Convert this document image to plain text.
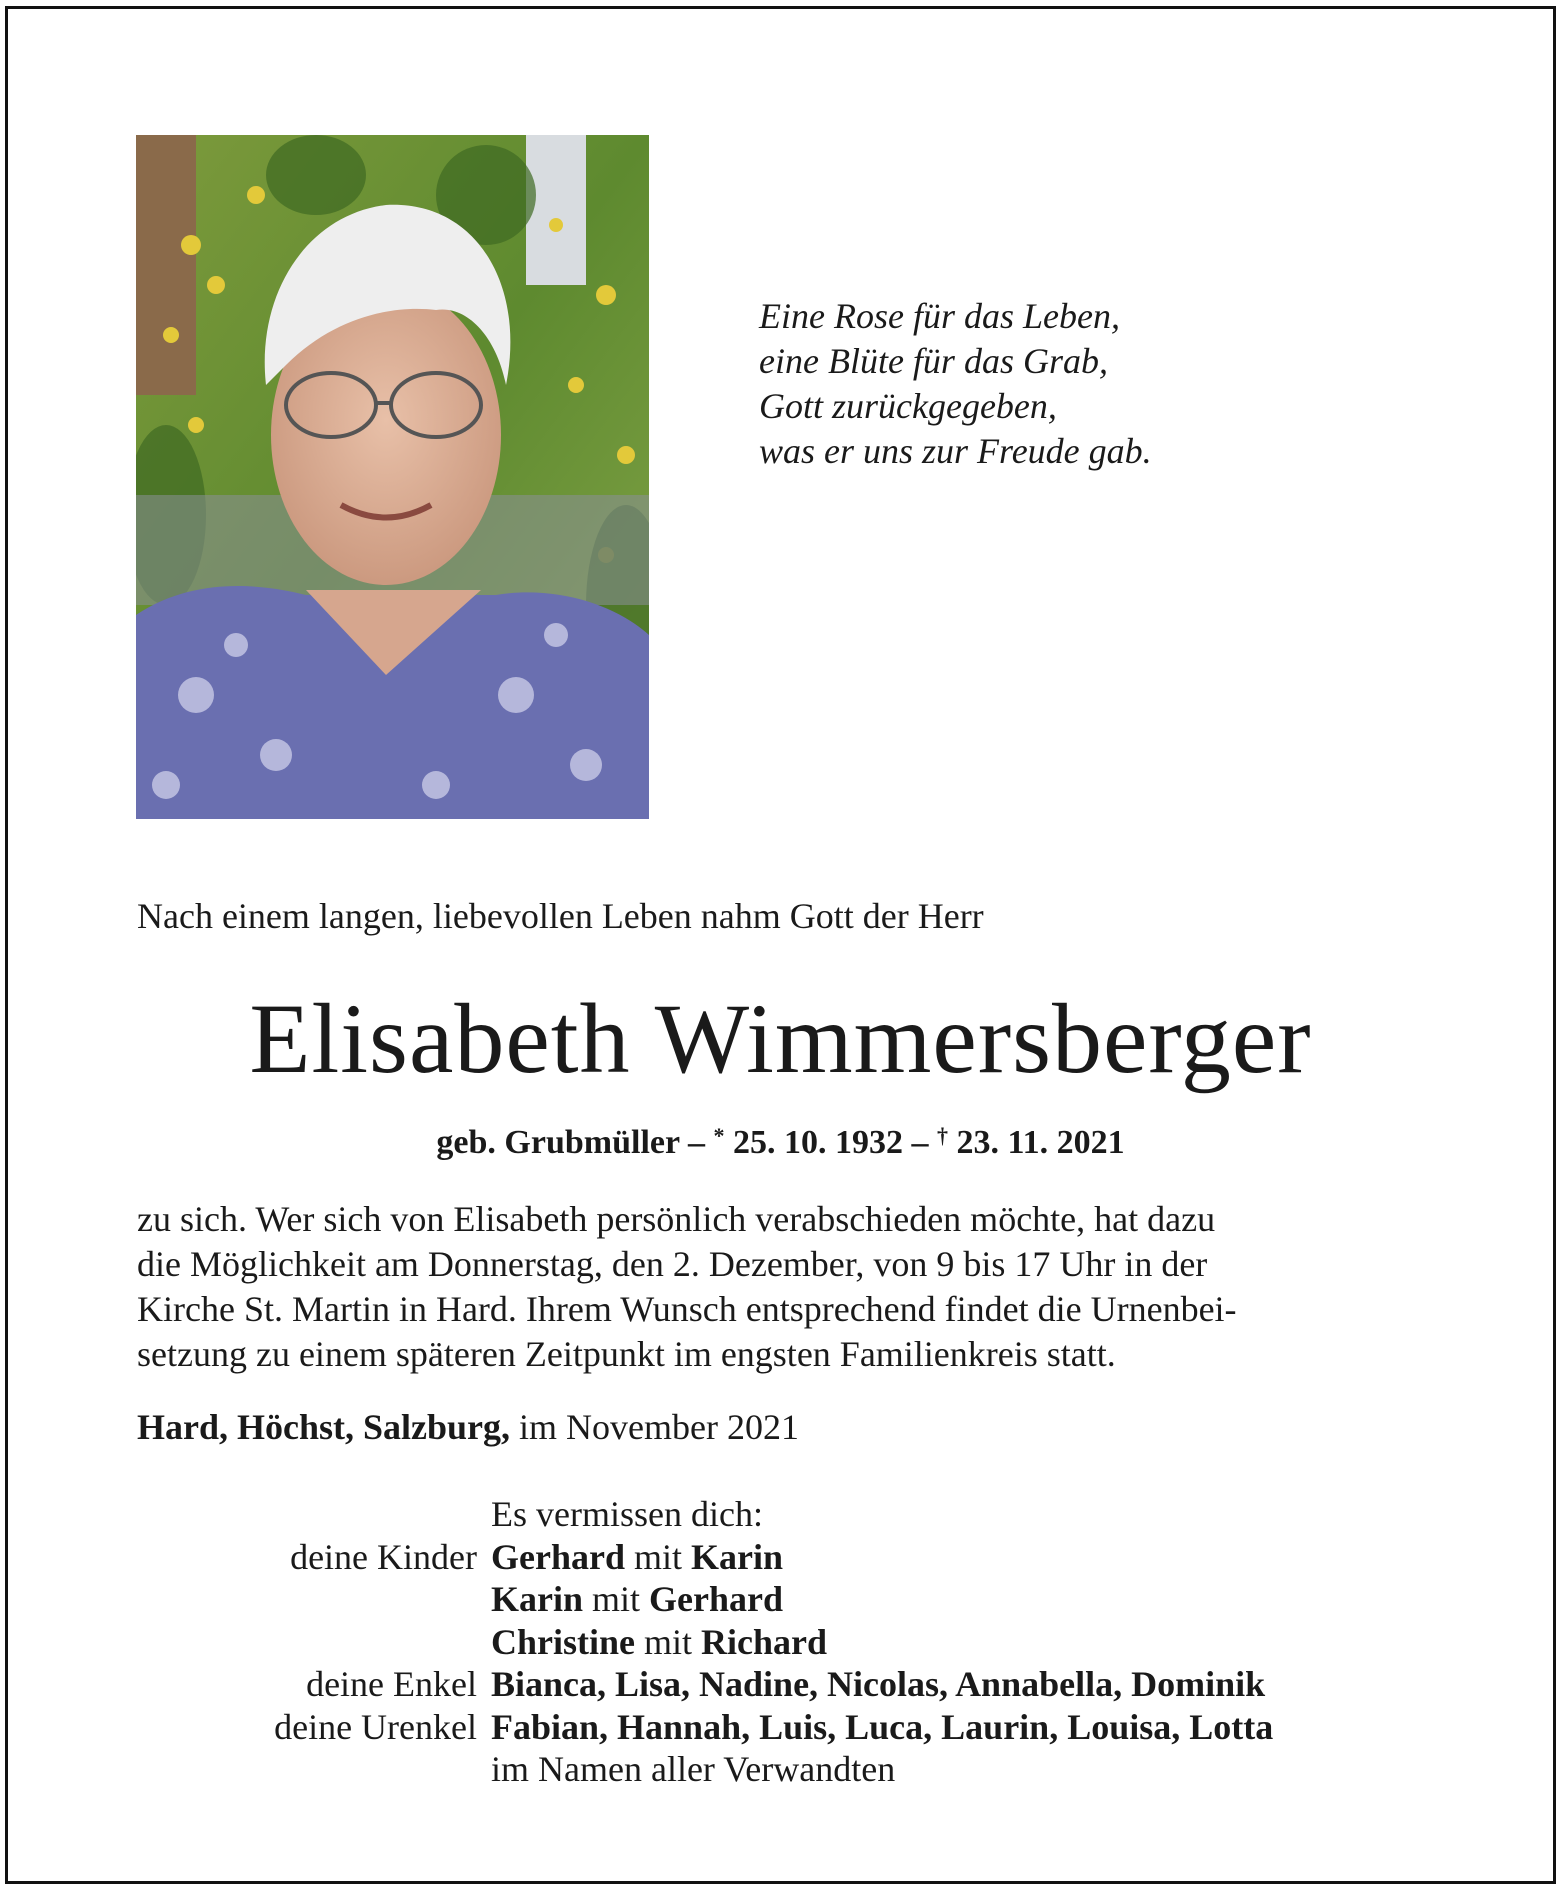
Eine Rose für das Leben,
eine Blüte für das Grab,
Gott zurückgegeben,
was er uns zur Freude gab.
Nach einem langen, liebevollen Leben nahm Gott der Herr
Elisabeth Wimmersberger
geb. Grubmüller – * 25. 10. 1932 – † 23. 11. 2021
zu sich. Wer sich von Elisabeth persönlich verabschieden möchte, hat dazu
die Möglichkeit am Donnerstag, den 2. Dezember, von 9 bis 17 Uhr in der
Kirche St. Martin in Hard. Ihrem Wunsch entsprechend findet die Urnenbei-
setzung zu einem späteren Zeitpunkt im engsten Familienkreis statt.
Hard, Höchst, Salzburg, im November 2021
Es vermissen dich:
deine Kinder Gerhard mit Karin
Karin mit Gerhard
Christine mit Richard
deine Enkel Bianca, Lisa, Nadine, Nicolas, Annabella, Dominik
deine Urenkel Fabian, Hannah, Luis, Luca, Laurin, Louisa, Lotta
im Namen aller Verwandten
